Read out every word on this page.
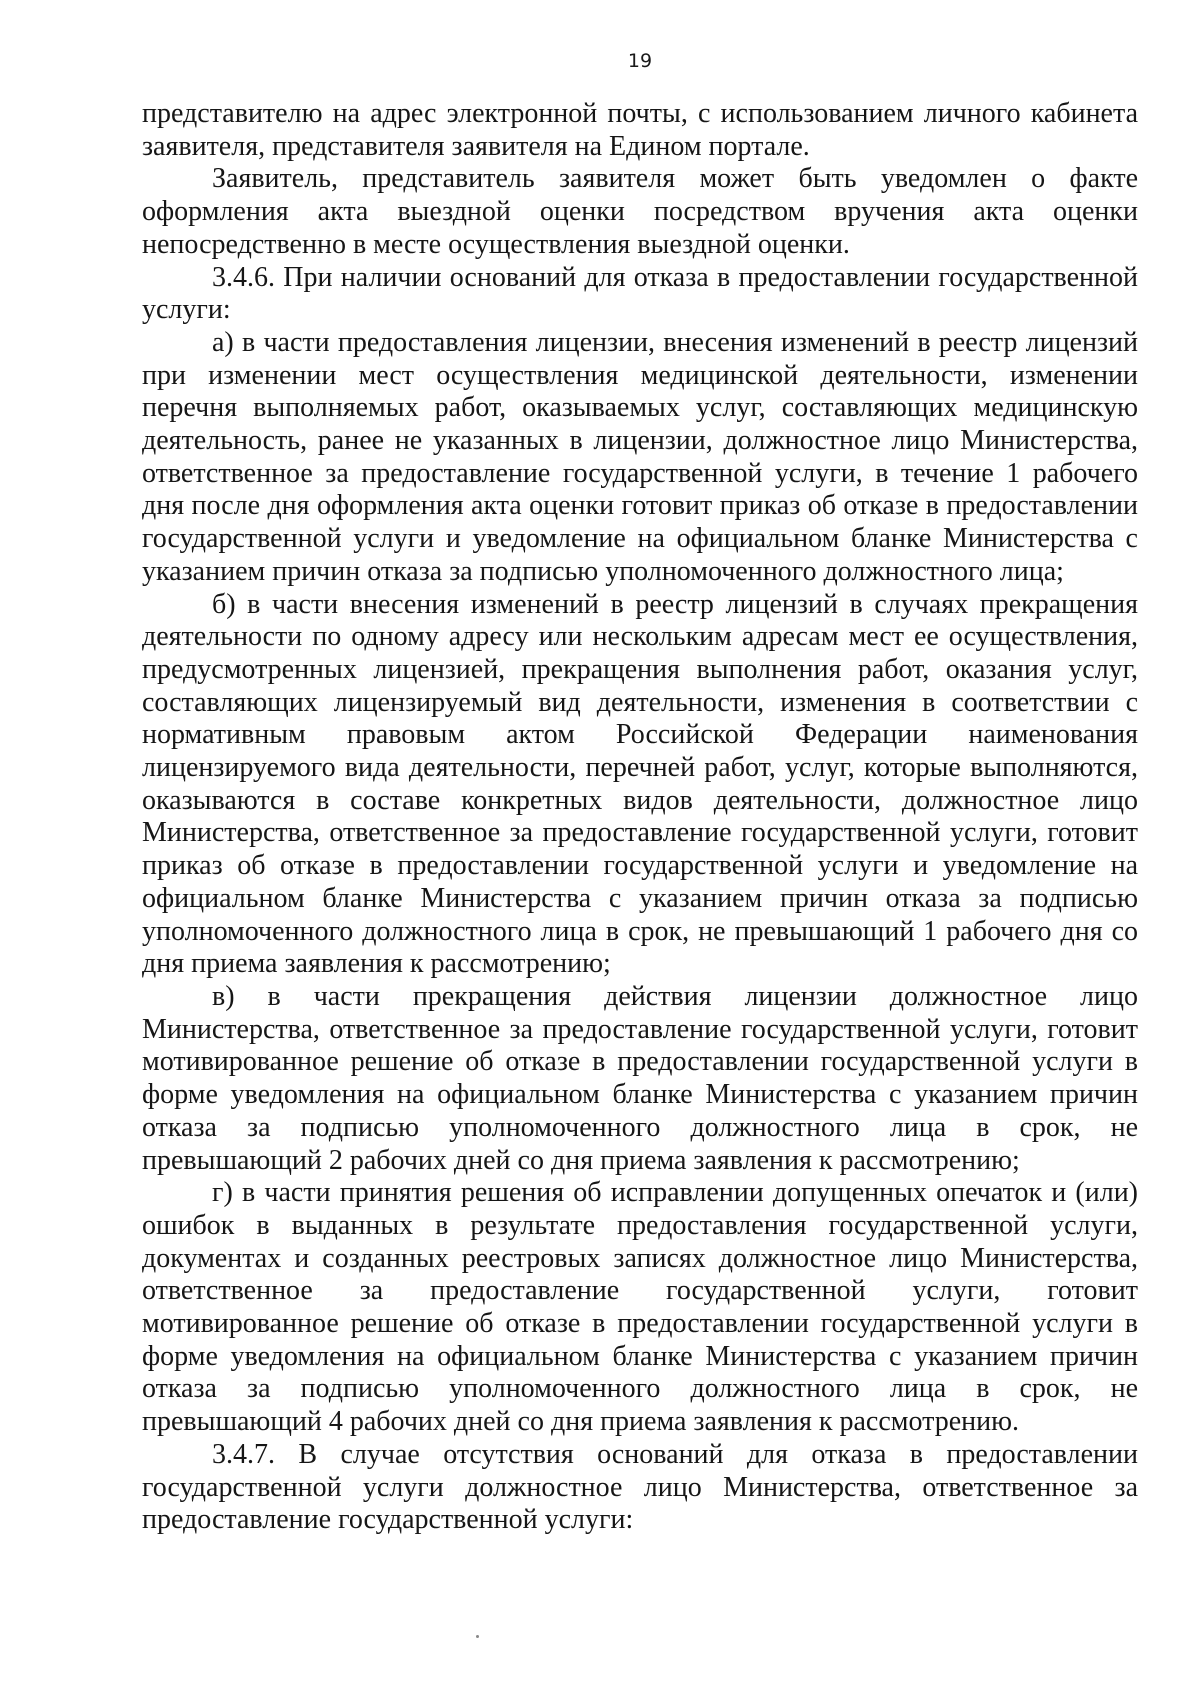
19

представителю на адрес электронной почты, с использованием личного кабинета заявителя, представителя заявителя на Едином портале.

Заявитель, представитель заявителя может быть уведомлен о факте оформления акта выездной оценки посредством вручения акта оценки непосредственно в месте осуществления выездной оценки.

3.4.6. При наличии оснований для отказа в предоставлении государственной услуги:

а) в части предоставления лицензии, внесения изменений в реестр лицензий при изменении мест осуществления медицинской деятельности, изменении перечня выполняемых работ, оказываемых услуг, составляющих медицинскую деятельность, ранее не указанных в лицензии, должностное лицо Министерства, ответственное за предоставление государственной услуги, в течение 1 рабочего дня после дня оформления акта оценки готовит приказ об отказе в предоставлении государственной услуги и уведомление на официальном бланке Министерства с указанием причин отказа за подписью уполномоченного должностного лица;

б) в части внесения изменений в реестр лицензий в случаях прекращения деятельности по одному адресу или нескольким адресам мест ее осуществления, предусмотренных лицензией, прекращения выполнения работ, оказания услуг, составляющих лицензируемый вид деятельности, изменения в соответствии с нормативным правовым актом Российской Федерации наименования лицензируемого вида деятельности, перечней работ, услуг, которые выполняются, оказываются в составе конкретных видов деятельности, должностное лицо Министерства, ответственное за предоставление государственной услуги, готовит приказ об отказе в предоставлении государственной услуги и уведомление на официальном бланке Министерства с указанием причин отказа за подписью уполномоченного должностного лица в срок, не превышающий 1 рабочего дня со дня приема заявления к рассмотрению;

в) в части прекращения действия лицензии должностное лицо Министерства, ответственное за предоставление государственной услуги, готовит мотивированное решение об отказе в предоставлении государственной услуги в форме уведомления на официальном бланке Министерства с указанием причин отказа за подписью уполномоченного должностного лица в срок, не превышающий 2 рабочих дней со дня приема заявления к рассмотрению;

г) в части принятия решения об исправлении допущенных опечаток и (или) ошибок в выданных в результате предоставления государственной услуги, документах и созданных реестровых записях должностное лицо Министерства, ответственное за предоставление государственной услуги, готовит мотивированное решение об отказе в предоставлении государственной услуги в форме уведомления на официальном бланке Министерства с указанием причин отказа за подписью уполномоченного должностного лица в срок, не превышающий 4 рабочих дней со дня приема заявления к рассмотрению.

3.4.7. В случае отсутствия оснований для отказа в предоставлении государственной услуги должностное лицо Министерства, ответственное за предоставление государственной услуги:
